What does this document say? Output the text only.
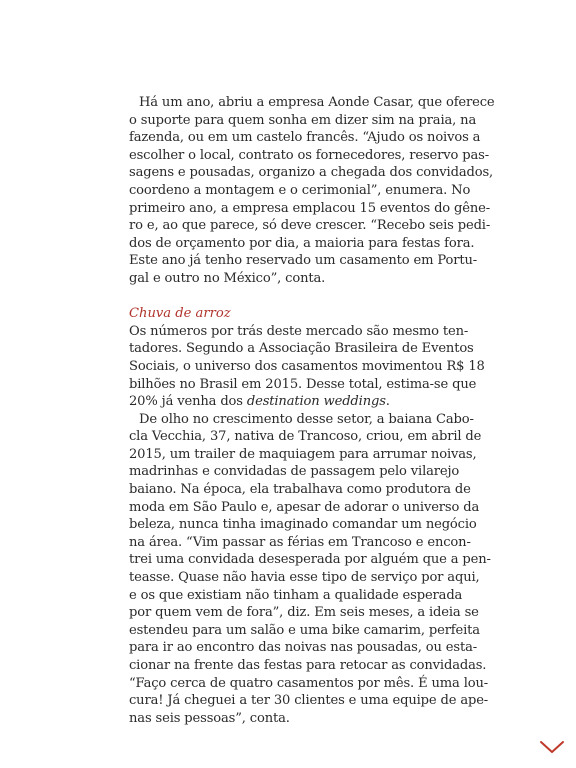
Há um ano, abriu a empresa Aonde Casar, que oferece
o suporte para quem sonha em dizer sim na praia, na
fazenda, ou em um castelo francês. “Ajudo os noivos a
escolher o local, contrato os fornecedores, reservo pas-
sagens e pousadas, organizo a chegada dos convidados,
coordeno a montagem e o cerimonial”, enumera. No
primeiro ano, a empresa emplacou 15 eventos do gêne-
ro e, ao que parece, só deve crescer. “Recebo seis pedi-
dos de orçamento por dia, a maioria para festas fora.
Este ano já tenho reservado um casamento em Portu-
gal e outro no México”, conta.
Chuva de arroz
Os números por trás deste mercado são mesmo ten-
tadores. Segundo a Associação Brasileira de Eventos
Sociais, o universo dos casamentos movimentou R$ 18
bilhões no Brasil em 2015. Desse total, estima-se que
20% já venha dos destination weddings.
De olho no crescimento desse setor, a baiana Cabo-
cla Vecchia, 37, nativa de Trancoso, criou, em abril de
2015, um trailer de maquiagem para arrumar noivas,
madrinhas e convidadas de passagem pelo vilarejo
baiano. Na época, ela trabalhava como produtora de
moda em São Paulo e, apesar de adorar o universo da
beleza, nunca tinha imaginado comandar um negócio
na área. “Vim passar as férias em Trancoso e encon-
trei uma convidada desesperada por alguém que a pen-
teasse. Quase não havia esse tipo de serviço por aqui,
e os que existiam não tinham a qualidade esperada
por quem vem de fora”, diz. Em seis meses, a ideia se
estendeu para um salão e uma bike camarim, perfeita
para ir ao encontro das noivas nas pousadas, ou esta-
cionar na frente das festas para retocar as convidadas.
“Faço cerca de quatro casamentos por mês. É uma lou-
cura! Já cheguei a ter 30 clientes e uma equipe de ape-
nas seis pessoas”, conta.
